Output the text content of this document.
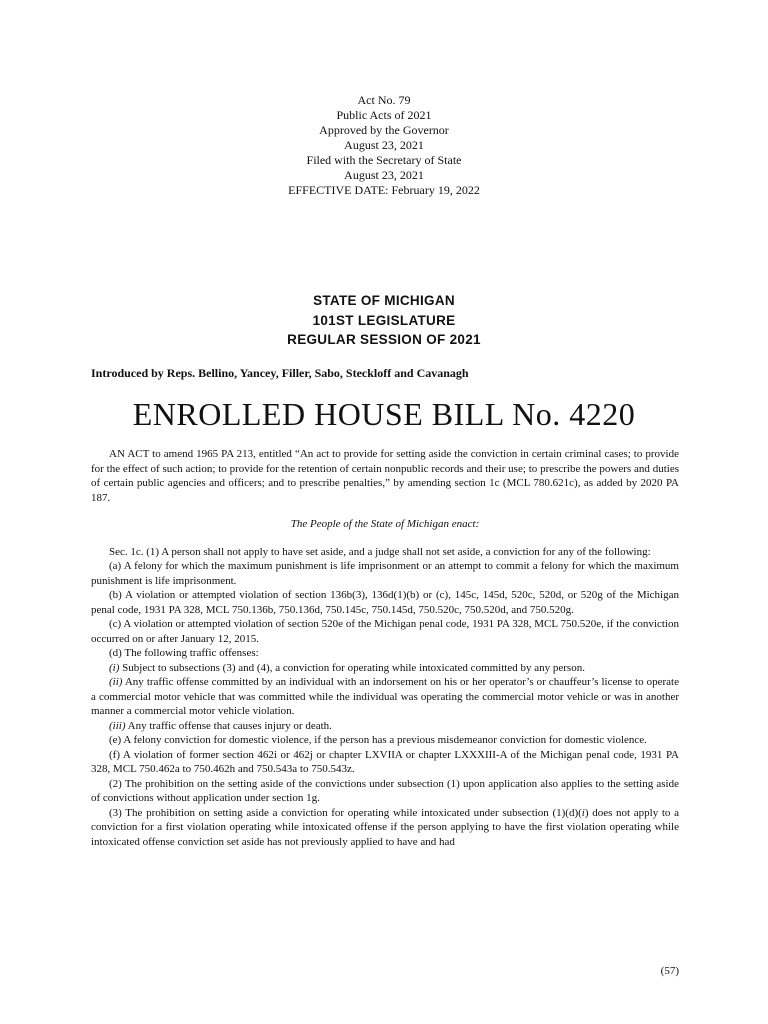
Act No. 79
Public Acts of 2021
Approved by the Governor
August 23, 2021
Filed with the Secretary of State
August 23, 2021
EFFECTIVE DATE: February 19, 2022
STATE OF MICHIGAN
101ST LEGISLATURE
REGULAR SESSION OF 2021
Introduced by Reps. Bellino, Yancey, Filler, Sabo, Steckloff and Cavanagh
ENROLLED HOUSE BILL No. 4220

AN ACT to amend 1965 PA 213, entitled “An act to provide for setting aside the conviction in certain criminal cases; to provide for the effect of such action; to provide for the retention of certain nonpublic records and their use; to prescribe the powers and duties of certain public agencies and officers; and to prescribe penalties,” by amending section 1c (MCL 780.621c), as added by 2020 PA 187.

The People of the State of Michigan enact:

Sec. 1c. (1) A person shall not apply to have set aside, and a judge shall not set aside, a conviction for any of the following:

(a) A felony for which the maximum punishment is life imprisonment or an attempt to commit a felony for which the maximum punishment is life imprisonment.

(b) A violation or attempted violation of section 136b(3), 136d(1)(b) or (c), 145c, 145d, 520c, 520d, or 520g of the Michigan penal code, 1931 PA 328, MCL 750.136b, 750.136d, 750.145c, 750.145d, 750.520c, 750.520d, and 750.520g.

(c) A violation or attempted violation of section 520e of the Michigan penal code, 1931 PA 328, MCL 750.520e, if the conviction occurred on or after January 12, 2015.

(d) The following traffic offenses:

(i) Subject to subsections (3) and (4), a conviction for operating while intoxicated committed by any person.

(ii) Any traffic offense committed by an individual with an indorsement on his or her operator’s or chauffeur’s license to operate a commercial motor vehicle that was committed while the individual was operating the commercial motor vehicle or was in another manner a commercial motor vehicle violation.

(iii) Any traffic offense that causes injury or death.

(e) A felony conviction for domestic violence, if the person has a previous misdemeanor conviction for domestic violence.

(f) A violation of former section 462i or 462j or chapter LXVIIA or chapter LXXXIII-A of the Michigan penal code, 1931 PA 328, MCL 750.462a to 750.462h and 750.543a to 750.543z.

(2) The prohibition on the setting aside of the convictions under subsection (1) upon application also applies to the setting aside of convictions without application under section 1g.

(3) The prohibition on setting aside a conviction for operating while intoxicated under subsection (1)(d)(i) does not apply to a conviction for a first violation operating while intoxicated offense if the person applying to have the first violation operating while intoxicated offense conviction set aside has not previously applied to have and had

(57)
